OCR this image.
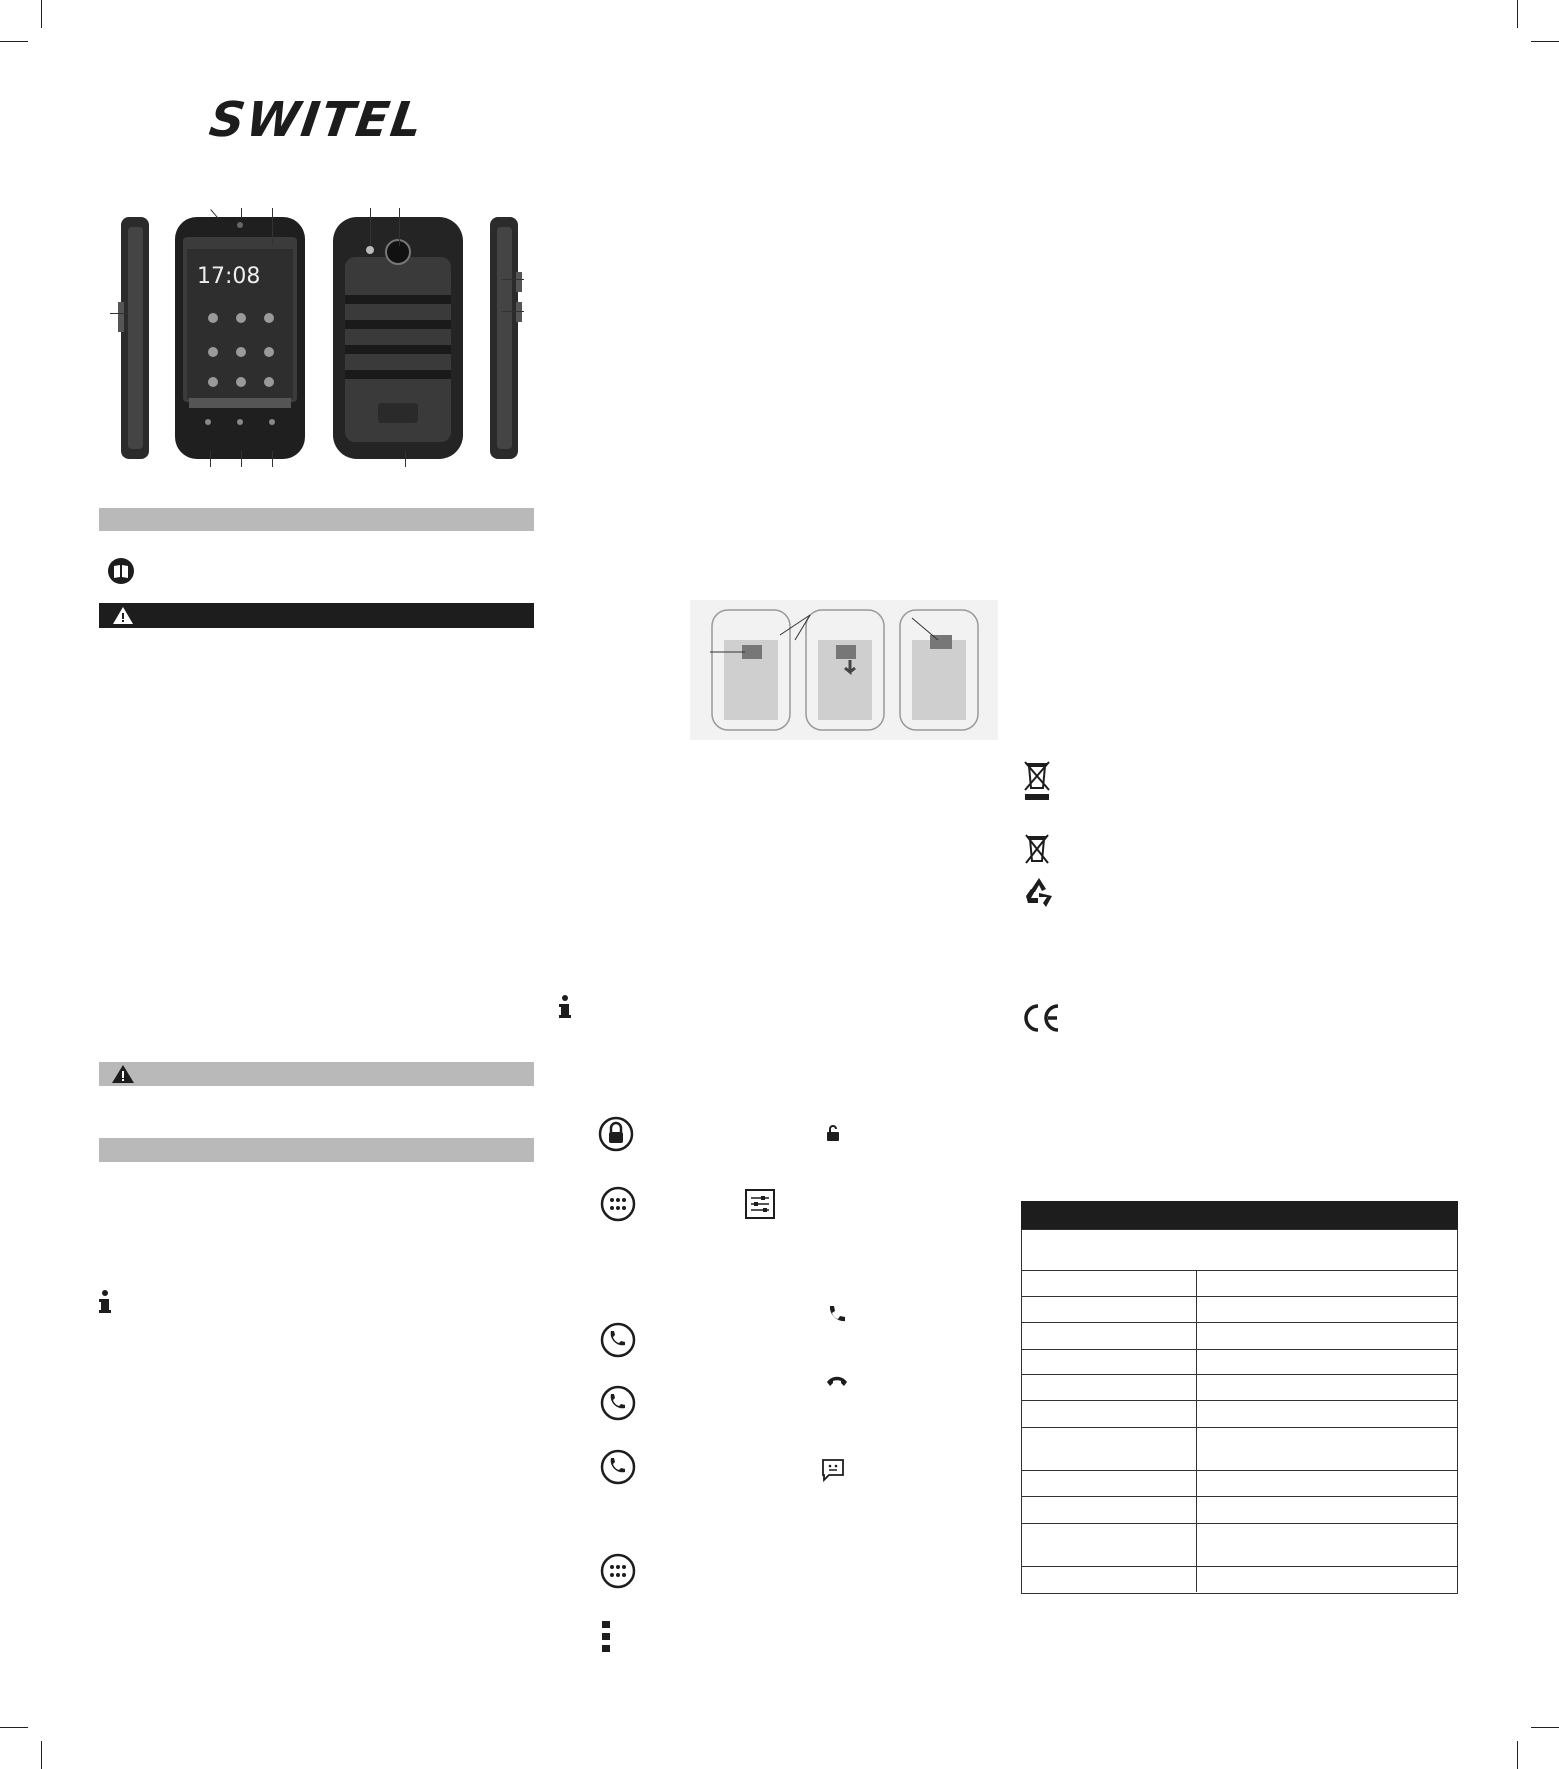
SWITEL
17:08
